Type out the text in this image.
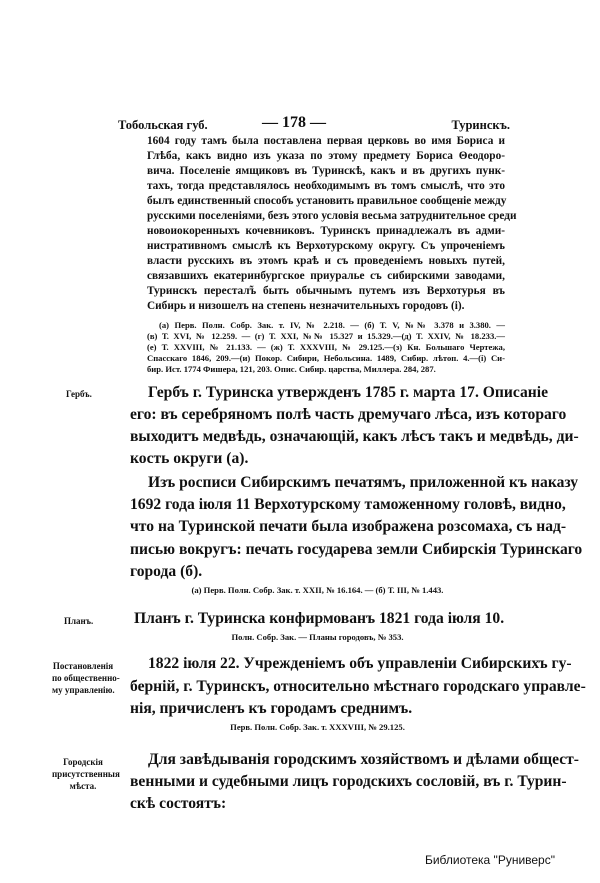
Тобольская губ.	— 178 —	Туринскъ.
1604 году тамъ была поставлена первая церковь во имя Бориса и
Глѣба, какъ видно изъ указа по этому предмету Бориса Θеодоро-
вича. Поселеніе ямщиковъ въ Туринскѣ, какъ и въ другихъ пунк-
тахъ, тогда представлялось необходимымъ въ томъ смыслѣ, что это
былъ единственный способъ установить правильное сообщеніе между
русскими поселеніями, безъ этого условія весьма затруднительное среди
новоиокоренныхъ кочевниковъ. Туринскъ принадлежалъ въ адми-
нистративномъ смыслѣ къ Верхотурскому округу. Съ упроченіемъ
власти русскихъ въ этомъ краѣ и съ проведеніемъ новыхъ путей,
связавшихъ екатеринбургское приуралье съ сибирскими заводами,
Туринскъ перестал̃ъ быть обычнымъ путемъ изъ Верхотурья въ
Сибирь и низошелъ на степень незначительныхъ городовъ (і).
(а) Перв. Полн. Собр. Зак. т. IV, № 2.218. — (б) Т. V, №№ 3.378 и 3.380. —
(в) Т. XVI, № 12.259. — (г) Т. XXI, №№ 15.327 и 15.329.—(д) Т. XXIV, № 18.233.—
(е) Т. XXVIII, № 21.133. — (ж) Т. XXXVIII, № 29.125.—(з) Кн. Большаго Чертежа,
Спасскаго 1846, 209.—(и) Покор. Сибири, Небольсина. 1489, Сибир. лѣтоп. 4.—(і) Си-
бир. Ист. 1774 Фишера, 121, 203. Опис. Сибир. царства, Миллера. 284, 287.
Гербъ.	Гербъ г. Туринска утвержденъ 1785 г. марта 17. Описаніе
его: въ серебряномъ полѣ часть дремучаго лѣса, изъ котораго
выходитъ медвѣдь, означающій, какъ лѣсъ такъ и медвѣдь, ди-
кость округи (а).
Изъ росписи Сибирскимъ печатямъ, приложенной къ наказу
1692 года іюля 11 Верхотурскому таможенному головѣ, видно,
что на Туринской печати была изображена розсомаха, съ над-
писью вокругъ: печать государева земли Сибирскія Туринскаго
города (б).
(а) Перв. Полн. Собр. Зак. т. XXII, № 16.164. — (б) Т. III, № 1.443.
Планъ.	Планъ г. Туринска конфирмованъ 1821 года іюля 10.
Полн. Собр. Зак. — Планы городовъ, № 353.
Постановленія
по общественно-
му управленію.
1822 іюля 22. Учрежденіемъ объ управленіи Сибирскихъ гу-
берній, г. Туринскъ, относительно мѣстнаго городскаго управле-
нія, причисленъ къ городамъ среднимъ.
Перв. Полн. Собр. Зак. т. XXXVIII, № 29.125.
Городскія
присутственныя
мѣста.
Для завѣдыванія городскимъ хозяйствомъ и дѣлами общест-
венными и судебными лицъ городскихъ сословій, въ г. Турин-
скѣ состоятъ:
Библиотека "Руниверс"
